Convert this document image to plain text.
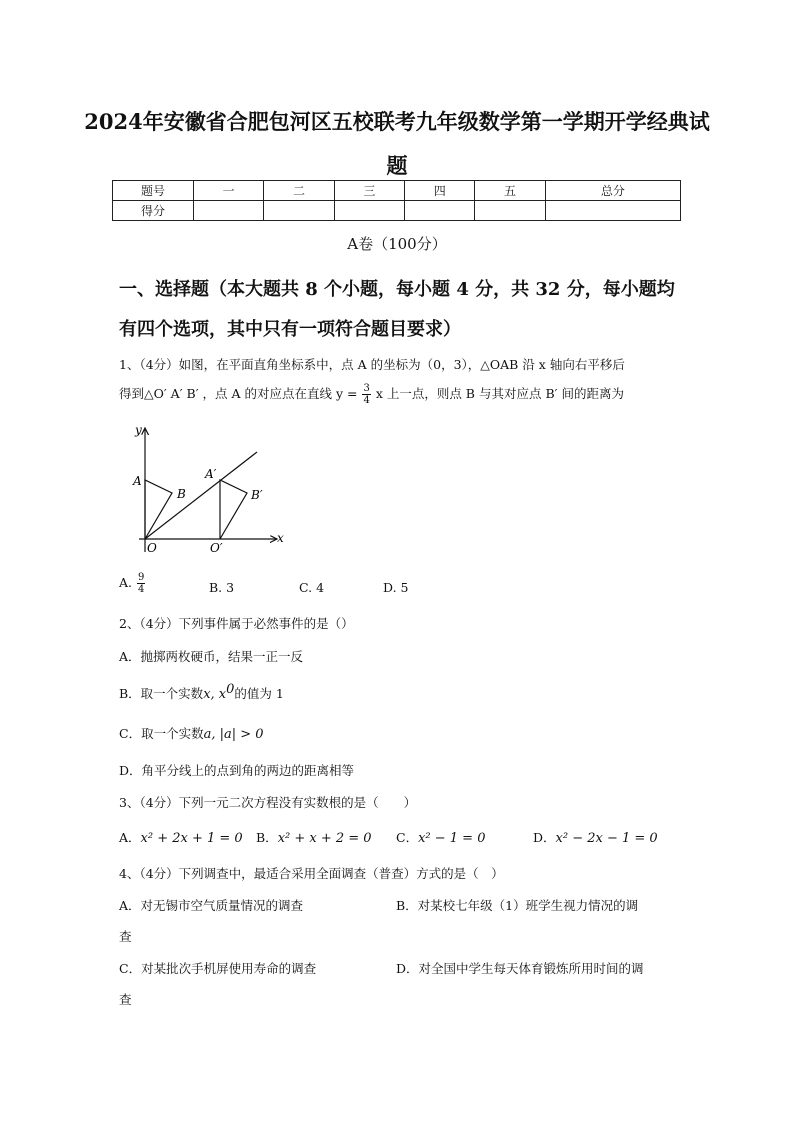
2024年安徽省合肥包河区五校联考九年级数学第一学期开学经典试
题
题号	一	二	三	四	五	总分
得分						
A卷（100分）
一、选择题（本大题共 8 个小题，每小题 4 分，共 32 分，每小题均
有四个选项，其中只有一项符合题目要求）
1、（4分）如图，在平面直角坐标系中，点 A 的坐标为（0，3），△OAB 沿 x 轴向右平移后
得到△O′ A′ B′ ，点 A 的对应点在直线 $y = \frac{3}{4}$ x 上一点，则点 B 与其对应点 B′ 间的距离为
y
x
A
B
O
A′
B′
O′
A. $\frac{9}{4}$	B. 3	C. 4	D. 5
2、（4分）下列事件属于必然事件的是（）
A．抛掷两枚硬币，结果一正一反
B．取一个实数x, $x^0$的值为 1
C．取一个实数a, |a| > 0
D．角平分线上的点到角的两边的距离相等
3、（4分）下列一元二次方程没有实数根的是（　　）
A．x² + 2x + 1 = 0 B．x² + x + 2 = 0 C．x² − 1 = 0	D．x² − 2x − 1 = 0
4、（4分）下列调查中，最适合采用全面调查（普查）方式的是（　）
A．对无锡市空气质量情况的调查	B．对某校七年级（1）班学生视力情况的调
查
C．对某批次手机屏使用寿命的调查	D．对全国中学生每天体育锻炼所用时间的调
查
